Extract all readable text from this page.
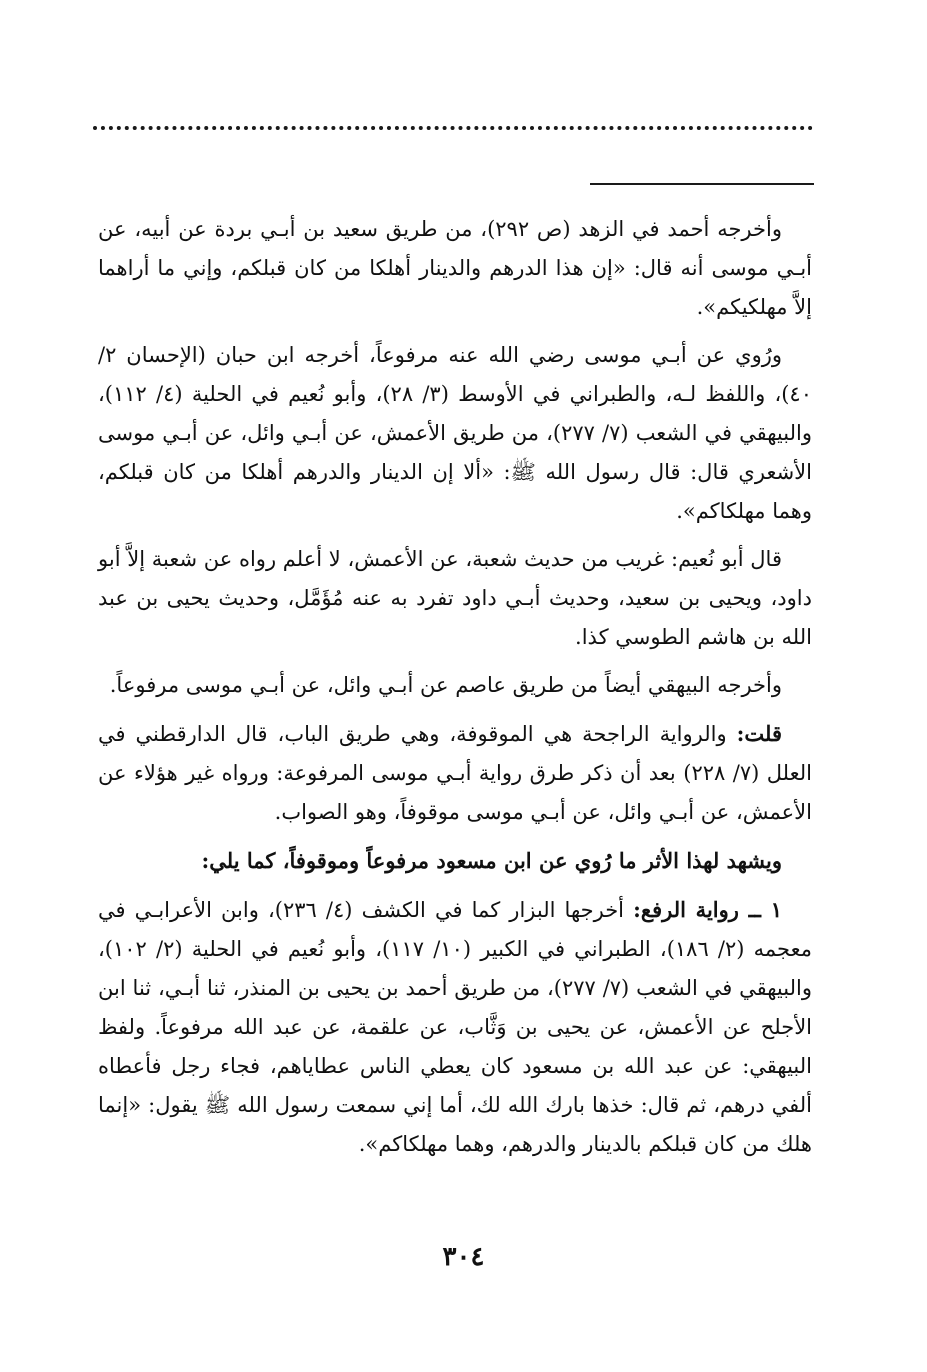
وأخرجه أحمد في الزهد (ص ٢٩٢)، من طريق سعيد بن أبـي بردة عن أبيه، عن أبـي موسى أنه قال: «إن هذا الدرهم والدينار أهلكا من كان قبلكم، وإني ما أراهما إلاَّ مهلكيكم».

ورُوي عن أبـي موسى رضي الله عنه مرفوعاً، أخرجه ابن حبان (الإحسان ٢/ ٤٠)، واللفظ لـه، والطبراني في الأوسط (٣/ ٢٨)، وأبو نُعيم في الحلية (٤/ ١١٢)، والبيهقي في الشعب (٧/ ٢٧٧)، من طريق الأعمش، عن أبـي وائل، عن أبـي موسى الأشعري قال: قال رسول الله ﷺ: «ألا إن الدينار والدرهم أهلكا من كان قبلكم، وهما مهلكاكم».

قال أبو نُعيم: غريب من حديث شعبة، عن الأعمش، لا أعلم رواه عن شعبة إلاَّ أبو داود، ويحيى بن سعيد، وحديث أبـي داود تفرد به عنه مُؤَمَّل، وحديث يحيى بن عبد الله بن هاشم الطوسي كذا.

وأخرجه البيهقي أيضاً من طريق عاصم عن أبـي وائل، عن أبـي موسى مرفوعاً.

قلت: والرواية الراجحة هي الموقوفة، وهي طريق الباب، قال الدارقطني في العلل (٧/ ٢٢٨) بعد أن ذكر طرق رواية أبـي موسى المرفوعة: ورواه غير هؤلاء عن الأعمش، عن أبـي وائل، عن أبـي موسى موقوفاً، وهو الصواب.

ويشهد لهذا الأثر ما رُوي عن ابن مسعود مرفوعاً وموقوفاً، كما يلي:

١ ــ رواية الرفع: أخرجها البزار كما في الكشف (٤/ ٢٣٦)، وابن الأعرابـي في معجمه (٢/ ١٨٦)، الطبراني في الكبير (١٠/ ١١٧)، وأبو نُعيم في الحلية (٢/ ١٠٢)، والبيهقي في الشعب (٧/ ٢٧٧)، من طريق أحمد بن يحيى بن المنذر، ثنا أبـي، ثنا ابن الأجلح عن الأعمش، عن يحيى بن وَثَّاب، عن علقمة، عن عبد الله مرفوعاً. ولفظ البيهقي: عن عبد الله بن مسعود كان يعطي الناس عطاياهم، فجاء رجل فأعطاه ألفي درهم، ثم قال: خذها بارك الله لك، أما إني سمعت رسول الله ﷺ يقول: «إنما هلك من كان قبلكم بالدينار والدرهم، وهما مهلكاكم».

٣٠٤
